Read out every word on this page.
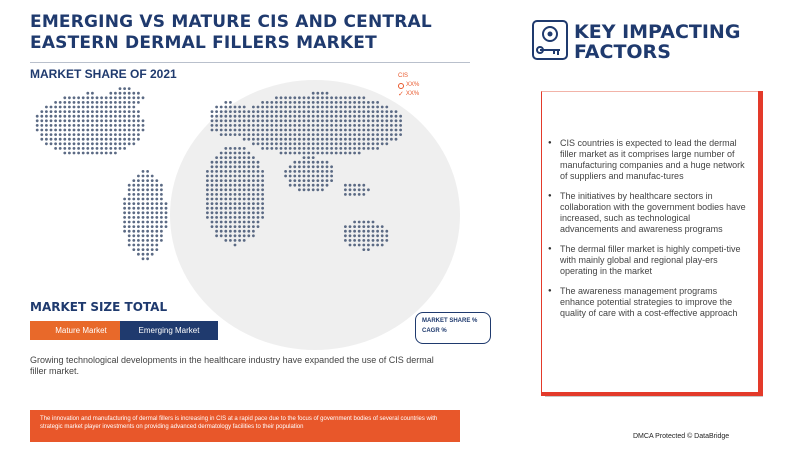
EMERGING VS MATURE CIS AND CENTRAL EASTERN DERMAL FILLERS MARKET
MARKET SHARE OF 2021	CIS
XX%
✓ XX%
MARKET SIZE TOTAL
Mature Market	Emerging Market
MARKET SHARE %
CAGR %
Growing technological developments in the healthcare industry have expanded the use of CIS dermal filler market.
The innovation and manufacturing of dermal fillers is increasing in CIS at a rapid pace due to the focus of government bodies of several countries with strategic market player investments on providing advanced dermatology facilities to their population
DMCA Protected © DataBridge
KEY IMPACTING
FACTORS
● CIS countries is expected to lead the dermal filler market as it comprises large number of manufacturing companies and a huge network of suppliers and manufac-tures
● The initiatives by healthcare sectors in collaboration with the government bodies have increased, such as technological advancements and awareness programs
● The dermal filler market is highly competi-tive with mainly global and regional play-ers operating in the market
● The awareness management programs enhance potential strategies to improve the quality of care with a cost-effective approach
